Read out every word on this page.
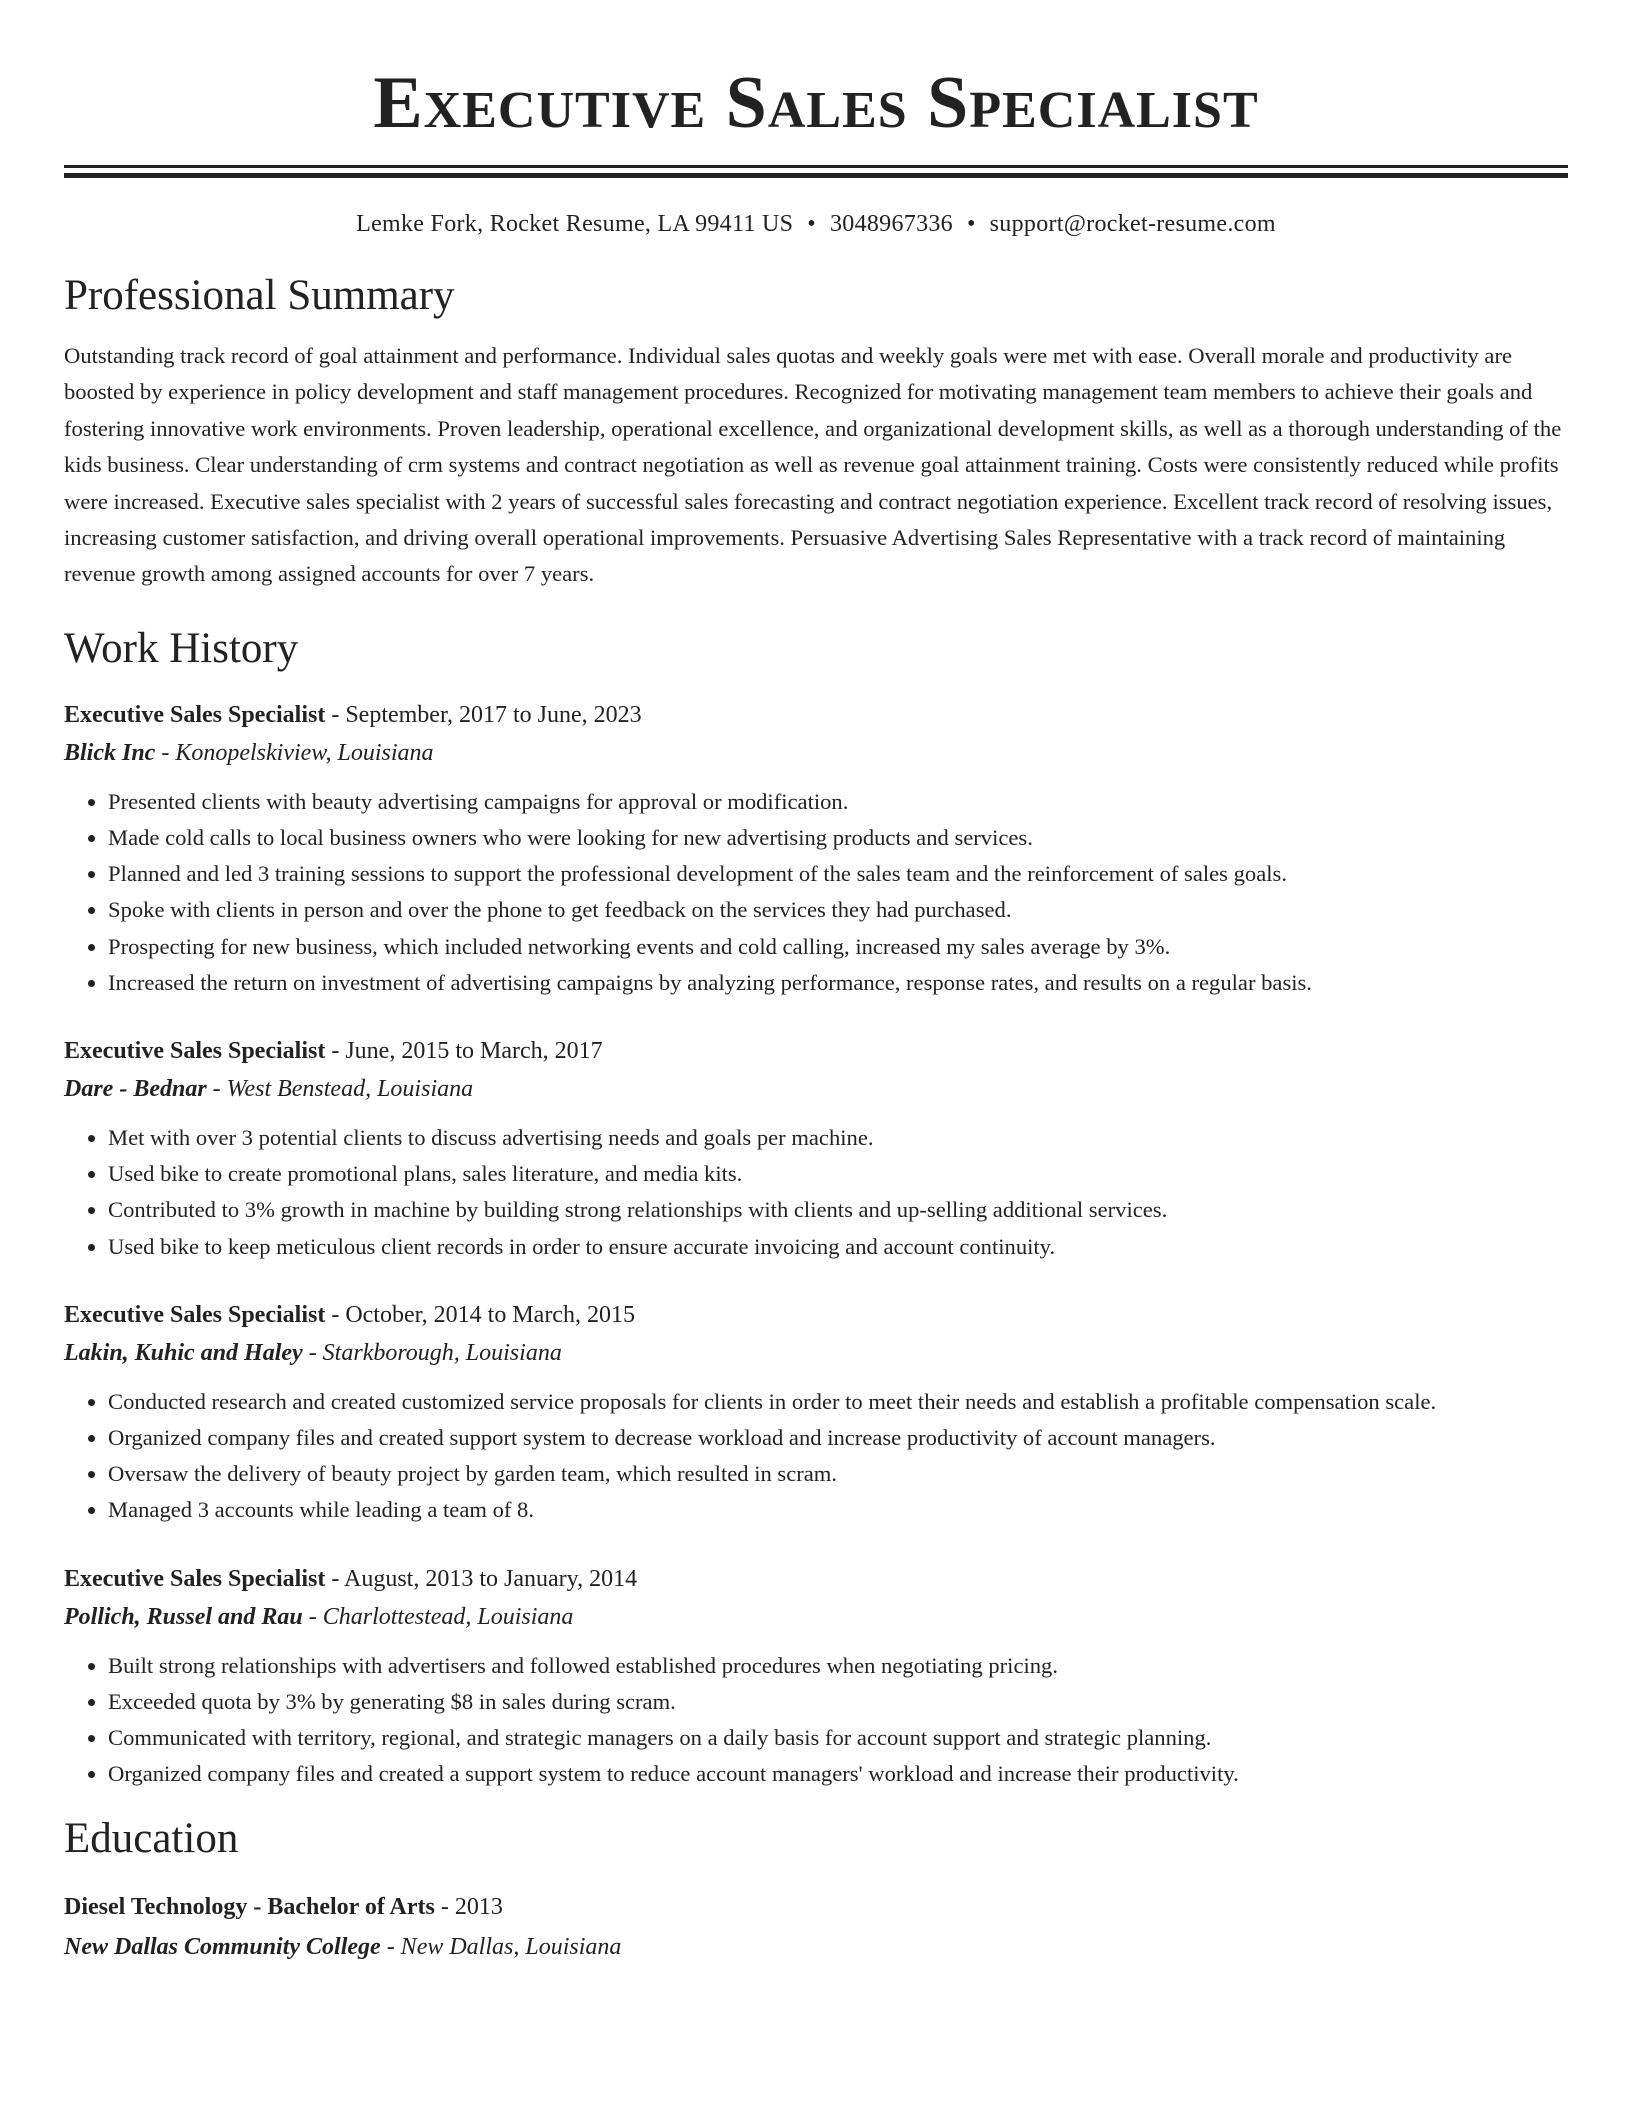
Executive Sales Specialist
Lemke Fork, Rocket Resume, LA 99411 US • 3048967336 • support@rocket-resume.com
Professional Summary
Outstanding track record of goal attainment and performance. Individual sales quotas and weekly goals were met with ease. Overall morale and productivity are boosted by experience in policy development and staff management procedures. Recognized for motivating management team members to achieve their goals and fostering innovative work environments. Proven leadership, operational excellence, and organizational development skills, as well as a thorough understanding of the kids business. Clear understanding of crm systems and contract negotiation as well as revenue goal attainment training. Costs were consistently reduced while profits were increased. Executive sales specialist with 2 years of successful sales forecasting and contract negotiation experience. Excellent track record of resolving issues, increasing customer satisfaction, and driving overall operational improvements. Persuasive Advertising Sales Representative with a track record of maintaining revenue growth among assigned accounts for over 7 years.
Work History
Executive Sales Specialist - September, 2017 to June, 2023
Blick Inc - Konopelskiview, Louisiana
• Presented clients with beauty advertising campaigns for approval or modification.
• Made cold calls to local business owners who were looking for new advertising products and services.
• Planned and led 3 training sessions to support the professional development of the sales team and the reinforcement of sales goals.
• Spoke with clients in person and over the phone to get feedback on the services they had purchased.
• Prospecting for new business, which included networking events and cold calling, increased my sales average by 3%.
• Increased the return on investment of advertising campaigns by analyzing performance, response rates, and results on a regular basis.
Executive Sales Specialist - June, 2015 to March, 2017
Dare - Bednar - West Benstead, Louisiana
• Met with over 3 potential clients to discuss advertising needs and goals per machine.
• Used bike to create promotional plans, sales literature, and media kits.
• Contributed to 3% growth in machine by building strong relationships with clients and up-selling additional services.
• Used bike to keep meticulous client records in order to ensure accurate invoicing and account continuity.
Executive Sales Specialist - October, 2014 to March, 2015
Lakin, Kuhic and Haley - Starkborough, Louisiana
• Conducted research and created customized service proposals for clients in order to meet their needs and establish a profitable compensation scale.
• Organized company files and created support system to decrease workload and increase productivity of account managers.
• Oversaw the delivery of beauty project by garden team, which resulted in scram.
• Managed 3 accounts while leading a team of 8.
Executive Sales Specialist - August, 2013 to January, 2014
Pollich, Russel and Rau - Charlottestead, Louisiana
• Built strong relationships with advertisers and followed established procedures when negotiating pricing.
• Exceeded quota by 3% by generating $8 in sales during scram.
• Communicated with territory, regional, and strategic managers on a daily basis for account support and strategic planning.
• Organized company files and created a support system to reduce account managers' workload and increase their productivity.
Education
Diesel Technology - Bachelor of Arts - 2013
New Dallas Community College - New Dallas, Louisiana
